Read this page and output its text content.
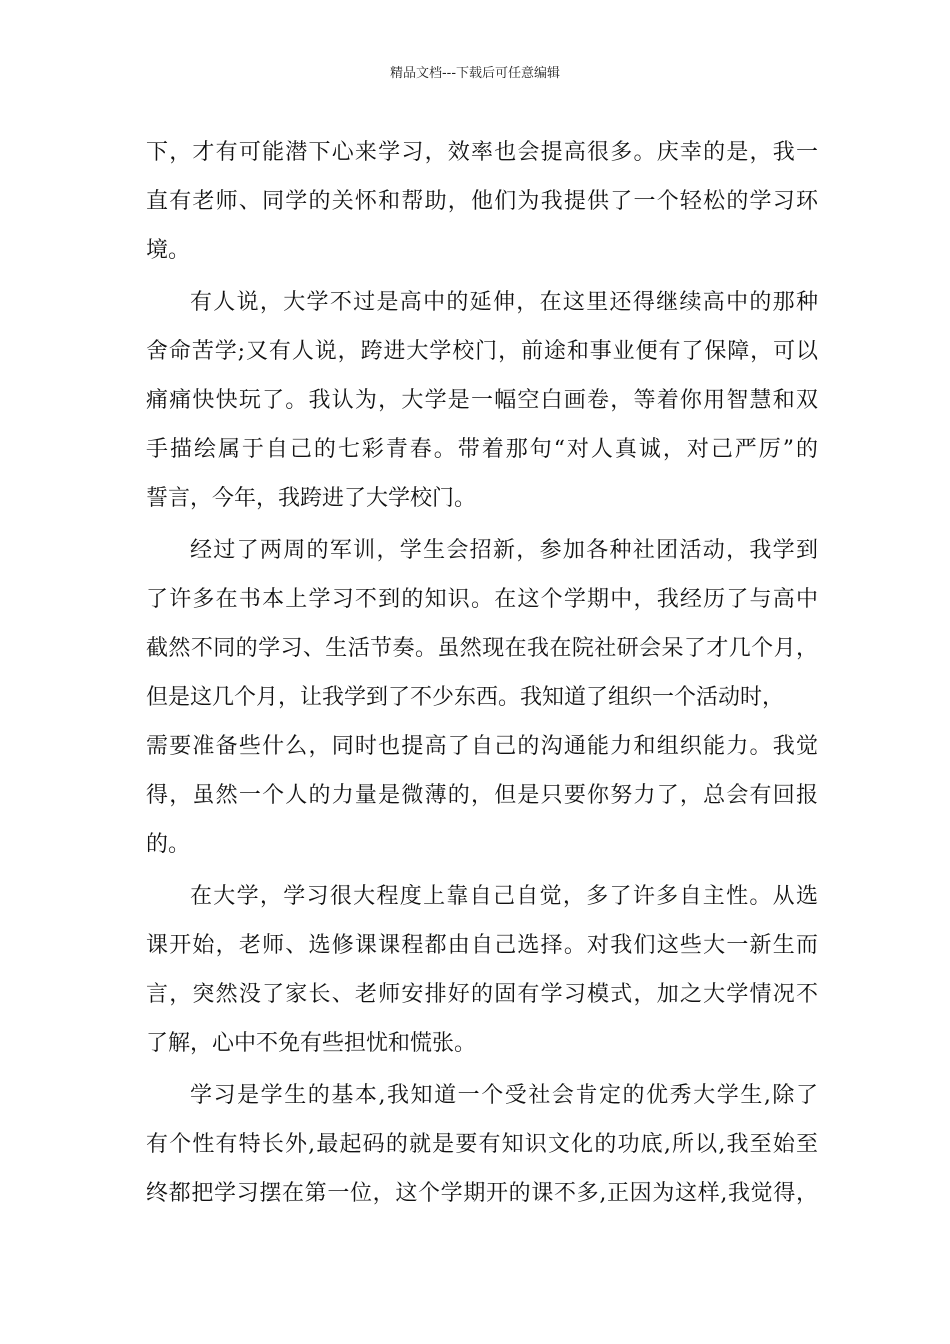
精品文档---下载后可任意编辑
下，才有可能潜下心来学习，效率也会提高很多。庆幸的是，我一
直有老师、同学的关怀和帮助，他们为我提供了一个轻松的学习环
境。
有人说，大学不过是高中的延伸，在这里还得继续高中的那种
舍命苦学;又有人说，跨进大学校门，前途和事业便有了保障，可以
痛痛快快玩了。我认为，大学是一幅空白画卷，等着你用智慧和双
手描绘属于自己的七彩青春。带着那句“对人真诚，对己严厉”的
誓言，今年，我跨进了大学校门。
经过了两周的军训，学生会招新，参加各种社团活动，我学到
了许多在书本上学习不到的知识。在这个学期中，我经历了与高中
截然不同的学习、生活节奏。虽然现在我在院社研会呆了才几个月，
但是这几个月，让我学到了不少东西。我知道了组织一个活动时，
需要准备些什么，同时也提高了自己的沟通能力和组织能力。我觉
得，虽然一个人的力量是微薄的，但是只要你努力了，总会有回报
的。
在大学，学习很大程度上靠自己自觉，多了许多自主性。从选
课开始，老师、选修课课程都由自己选择。对我们这些大一新生而
言，突然没了家长、老师安排好的固有学习模式，加之大学情况不
了解，心中不免有些担忧和慌张。
学习是学生的基本,我知道一个受社会肯定的优秀大学生,除了
有个性有特长外,最起码的就是要有知识文化的功底,所以,我至始至
终都把学习摆在第一位，这个学期开的课不多,正因为这样,我觉得，
